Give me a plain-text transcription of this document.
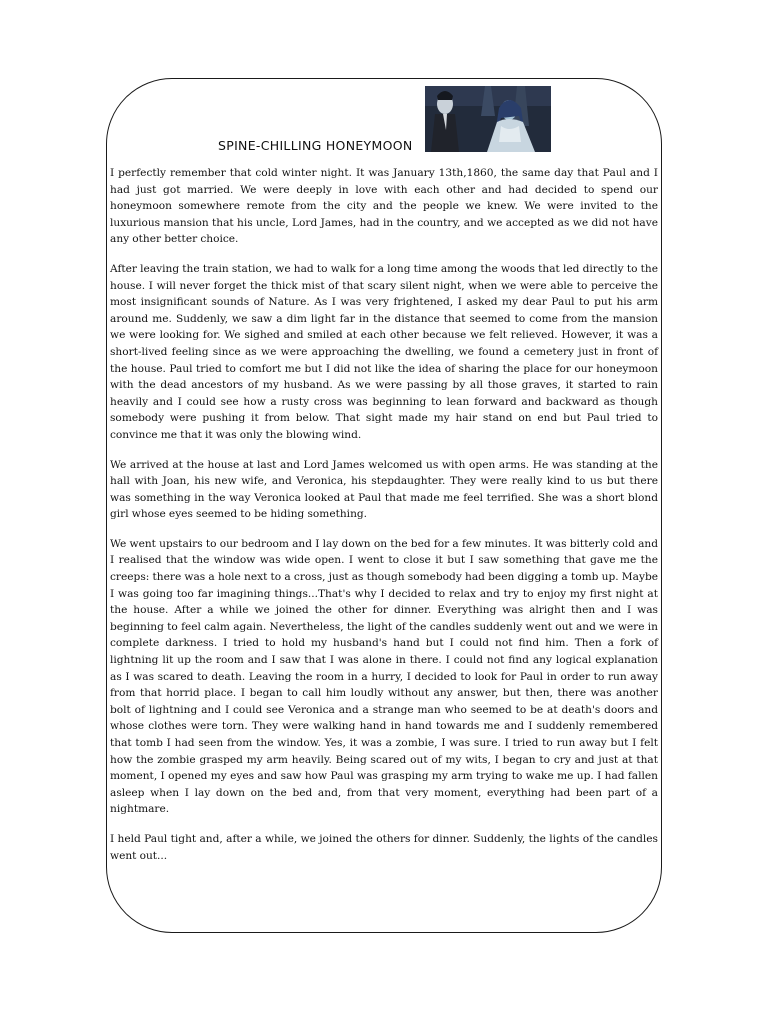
SPINE-CHILLING HONEYMOON

I perfectly remember that cold winter night. It was January 13th,1860, the same day that Paul and I had just got married. We were deeply in love with each other and had decided to spend our honeymoon somewhere remote from the city and the people we knew. We were invited to the luxurious mansion that his uncle, Lord James, had in the country, and we accepted as we did not have any other better choice.

After leaving the train station, we had to walk for a long time among the woods that led directly to the house. I will never forget the thick mist of that scary silent night, when we were able to perceive the most insignificant sounds of Nature. As I was very frightened, I asked my dear Paul to put his arm around me. Suddenly, we saw a dim light far in the distance that seemed to come from the mansion we were looking for. We sighed and smiled at each other because we felt relieved. However, it was a short-lived feeling since as we were approaching the dwelling, we found a cemetery just in front of the house. Paul tried to comfort me but I did not like the idea of sharing the place for our honeymoon with the dead ancestors of my husband. As we were passing by all those graves, it started to rain heavily and I could see how a rusty cross was beginning to lean forward and backward as though somebody were pushing it from below. That sight made my hair stand on end but Paul tried to convince me that it was only the blowing wind.

We arrived at the house at last and Lord James welcomed us with open arms. He was standing at the hall with Joan, his new wife, and Veronica, his stepdaughter. They were really kind to us but there was something in the way Veronica looked at Paul that made me feel terrified. She was a short blond girl whose eyes seemed to be hiding something.

We went upstairs to our bedroom and I lay down on the bed for a few minutes. It was bitterly cold and I realised that the window was wide open. I went to close it but I saw something that gave me the creeps: there was a hole next to a cross, just as though somebody had been digging a tomb up. Maybe I was going too far imagining things...That's why I decided to relax and try to enjoy my first night at the house. After a while we joined the other for dinner. Everything was alright then and I was beginning to feel calm again. Nevertheless, the light of the candles suddenly went out and we were in complete darkness. I tried to hold my husband's hand but I could not find him. Then a fork of lightning lit up the room and I saw that I was alone in there. I could not find any logical explanation as I was scared to death. Leaving the room in a hurry, I decided to look for Paul in order to run away from that horrid place. I began to call him loudly without any answer, but then, there was another bolt of lightning and I could see Veronica and a strange man who seemed to be at death's doors and whose clothes were torn. They were walking hand in hand towards me and I suddenly remembered that tomb I had seen from the window. Yes, it was a zombie, I was sure. I tried to run away but I felt how the zombie grasped my arm heavily. Being scared out of my wits, I began to cry and just at that moment, I opened my eyes and saw how Paul was grasping my arm trying to wake me up. I had fallen asleep when I lay down on the bed and, from that very moment, everything had been part of a nightmare.

I held Paul tight and, after a while, we joined the others for dinner. Suddenly, the lights of the candles went out...
